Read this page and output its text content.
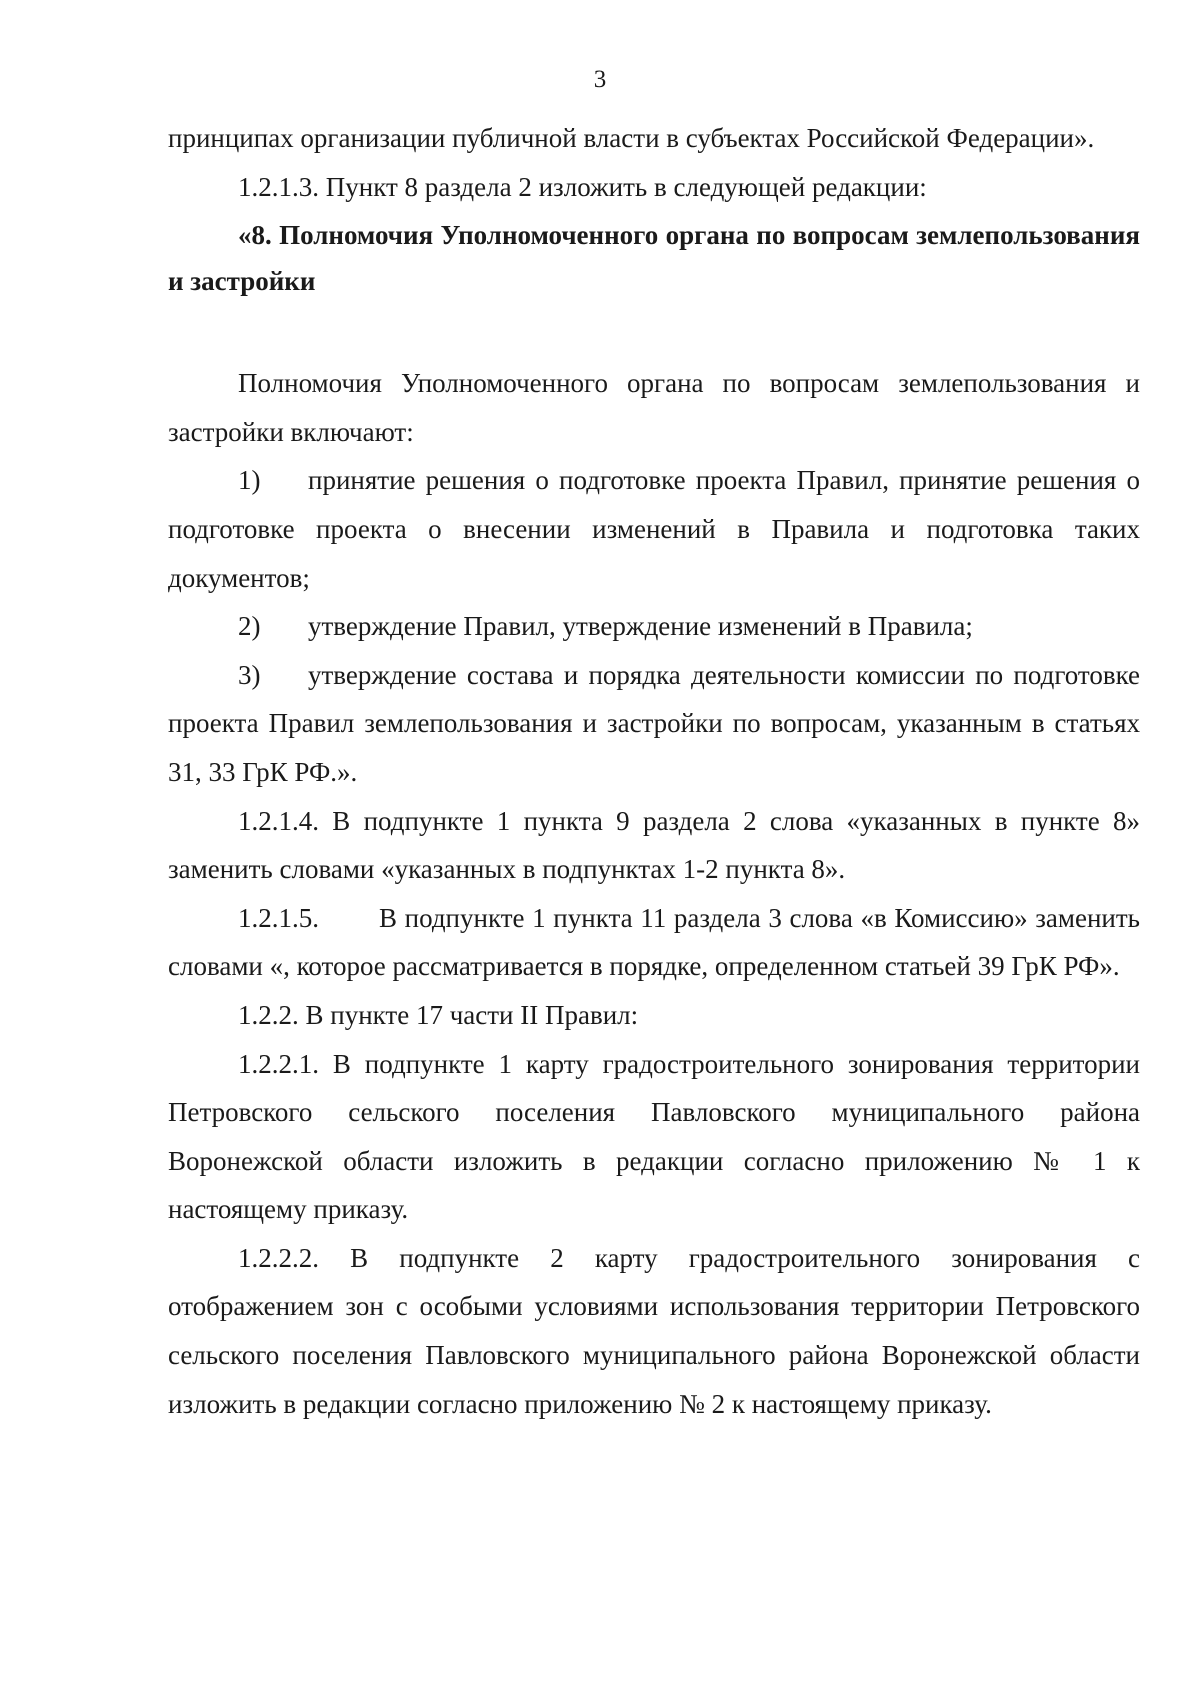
3

принципах организации публичной власти в субъектах Российской Федерации».

1.2.1.3. Пункт 8 раздела 2 изложить в следующей редакции:

«8. Полномочия Уполномоченного органа по вопросам землепользования и застройки

Полномочия Уполномоченного органа по вопросам землепользования и застройки включают:

1) принятие решения о подготовке проекта Правил, принятие решения о подготовке проекта о внесении изменений в Правила и подготовка таких документов;

2) утверждение Правил, утверждение изменений в Правила;

3) утверждение состава и порядка деятельности комиссии по подготовке проекта Правил землепользования и застройки по вопросам, указанным в статьях 31, 33 ГрК РФ.».

1.2.1.4. В подпункте 1 пункта 9 раздела 2 слова «указанных в пункте 8» заменить словами «указанных в подпунктах 1-2 пункта 8».

1.2.1.5. В подпункте 1 пункта 11 раздела 3 слова «в Комиссию» заменить словами «, которое рассматривается в порядке, определенном статьей 39 ГрК РФ».

1.2.2. В пункте 17 части II Правил:

1.2.2.1. В подпункте 1 карту градостроительного зонирования территории Петровского сельского поселения Павловского муниципального района Воронежской области изложить в редакции согласно приложению № 1 к настоящему приказу.

1.2.2.2. В подпункте 2 карту градостроительного зонирования с отображением зон с особыми условиями использования территории Петровского сельского поселения Павловского муниципального района Воронежской области изложить в редакции согласно приложению № 2 к настоящему приказу.
